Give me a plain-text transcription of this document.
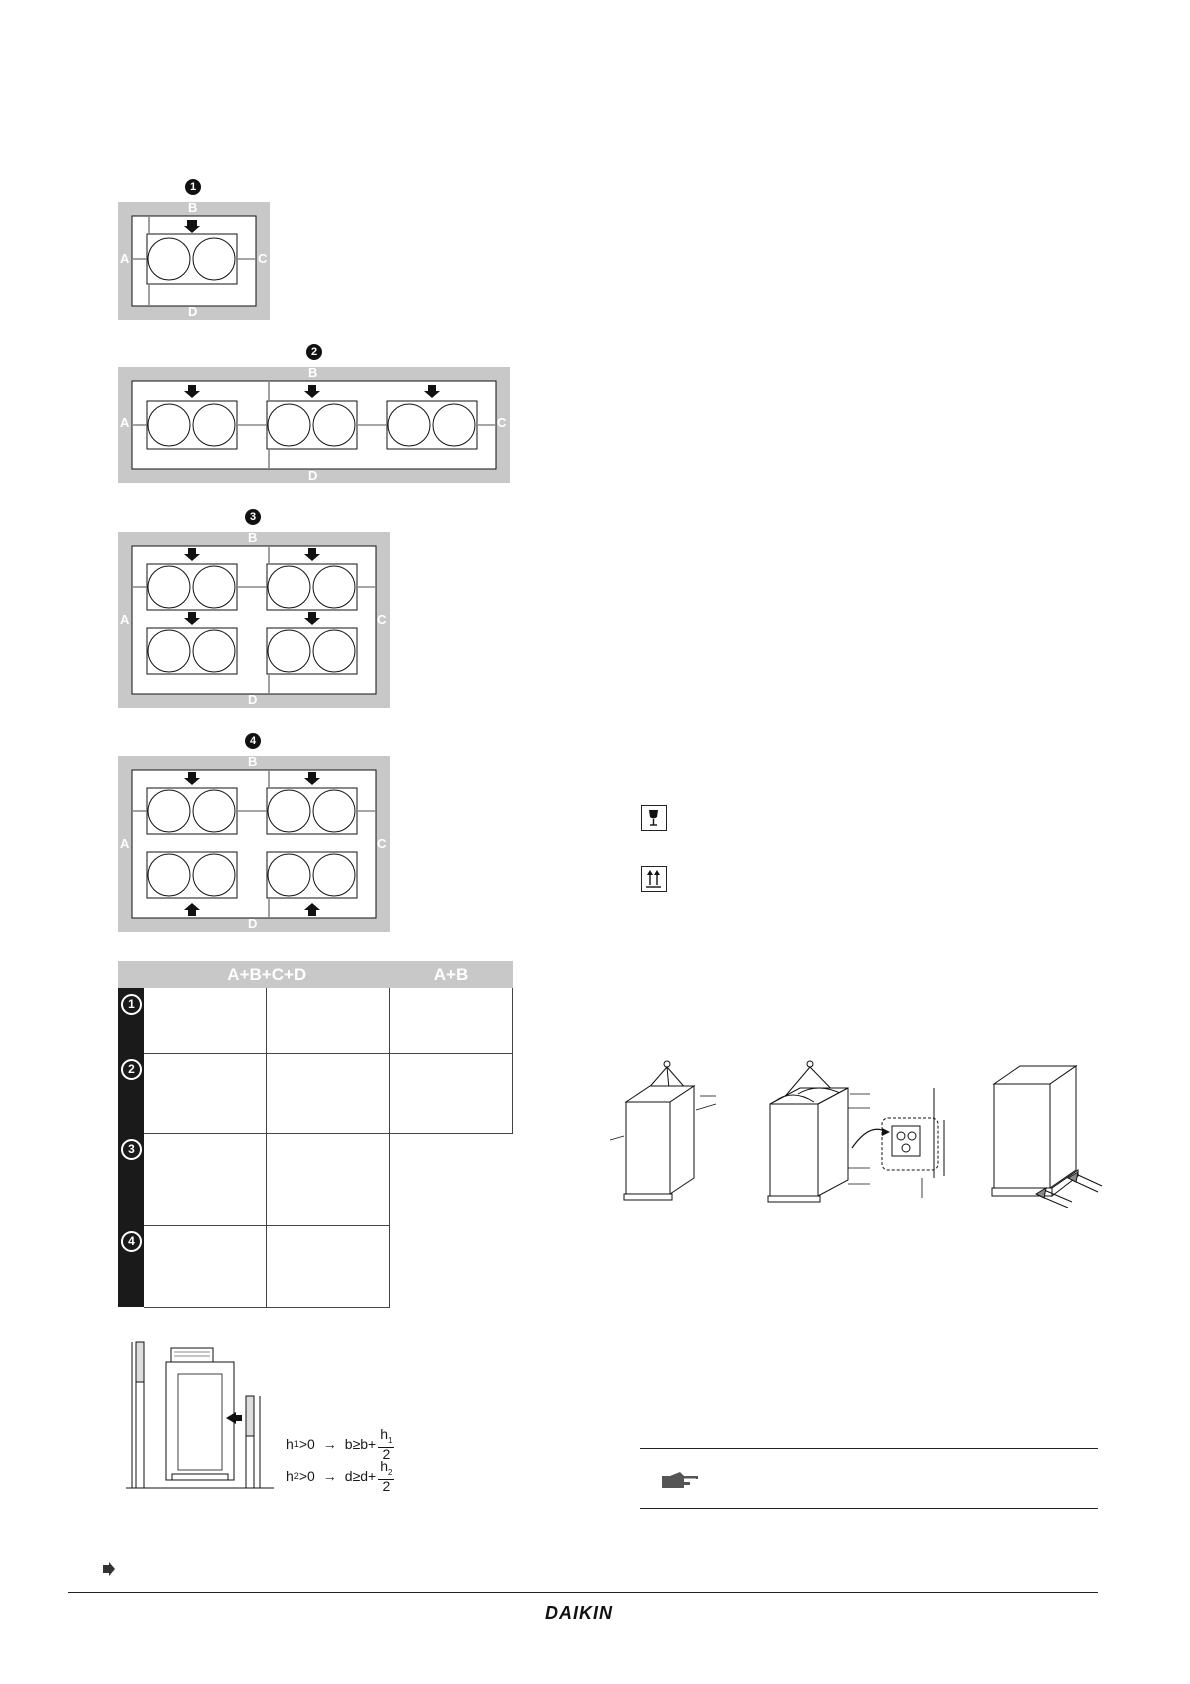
1
B
A	C
D
2
B
A	C
D
3
B
A	C
D
4
B
A	C
D
	A+B+C+D		A+B

1			

2			

3			

4			

h $1 >0 \to b\ge b+ \frac{h_1}{2}$
h $2 >0 \to d\ge d+ \frac{h_2}{2}$
DAIKIN
